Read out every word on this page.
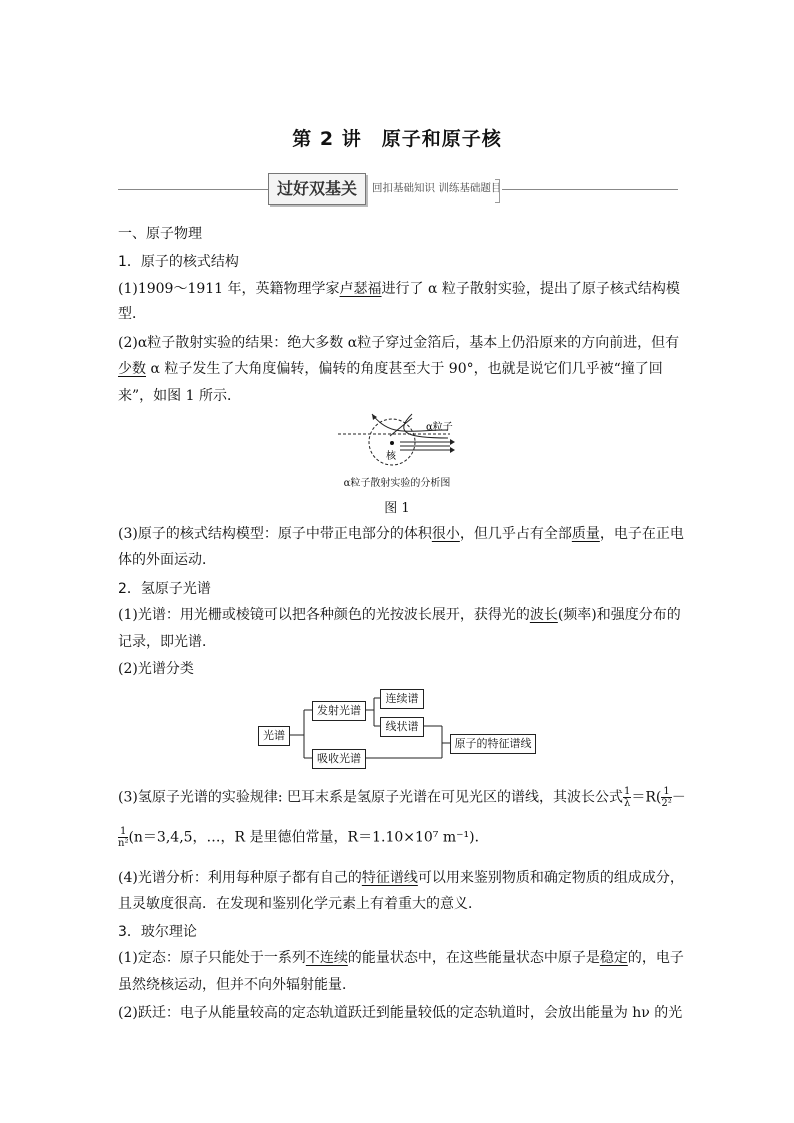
第 2 讲　原子和原子核
过好双基关	回扣基础知识 训练基础题目
一、原子物理
1．原子的核式结构
(1)1909～1911 年，英籍物理学家卢瑟福进行了 α 粒子散射实验，提出了原子核式结构模
型．
(2)α粒子散射实验的结果：绝大多数 α粒子穿过金箔后，基本上仍沿原来的方向前进，但有
少数 α 粒子发生了大角度偏转，偏转的角度甚至大于 90°，也就是说它们几乎被“撞了回
来”，如图 1 所示．
α粒子
核
α粒子散射实验的分析图
图 1
(3)原子的核式结构模型：原子中带正电部分的体积很小，但几乎占有全部质量，电子在正电
体的外面运动．
2．氢原子光谱
(1)光谱：用光栅或棱镜可以把各种颜色的光按波长展开，获得光的波长(频率)和强度分布的
记录，即光谱．
(2)光谱分类
光谱
发射光谱
吸收光谱
连续谱
线状谱
原子的特征谱线
(3)氢原子光谱的实验规律: 巴耳末系是氢原子光谱在可见光区的谱线，其波长公式 $\frac{1}{\lambda} =R( \frac{1}{\text{2²}}$ －
$\frac{1}{\text{n²}} (n=3,4,5$，…，R 是里德伯常量，R＝1.10×10⁷ m⁻¹)．
(4)光谱分析：利用每种原子都有自己的特征谱线可以用来鉴别物质和确定物质的组成成分，
且灵敏度很高．在发现和鉴别化学元素上有着重大的意义．
3．玻尔理论
(1)定态：原子只能处于一系列不连续的能量状态中，在这些能量状态中原子是稳定的，电子
虽然绕核运动，但并不向外辐射能量．
(2)跃迁：电子从能量较高的定态轨道跃迁到能量较低的定态轨道时，会放出能量为 hν 的光
